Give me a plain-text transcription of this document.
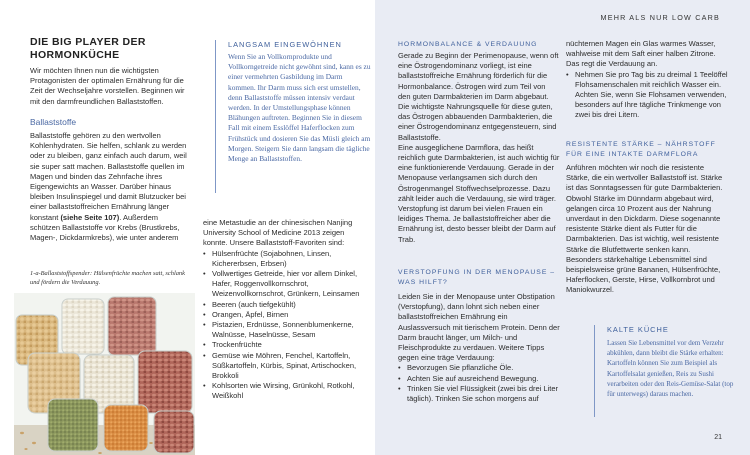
DIE BIG PLAYER DER HORMONKÜCHE

Wir möchten Ihnen nun die wichtigsten Protagonisten der optimalen Ernährung für die Zeit der Wechseljahre vorstellen. Beginnen wir mit den darmfreundlichen Ballaststoffen.

Ballaststoffe

Ballaststoffe gehören zu den wertvollen Kohlenhydraten. Sie helfen, schlank zu werden oder zu bleiben, ganz einfach auch darum, weil sie super satt machen. Ballaststoffe quellen im Magen und binden das Zehnfache ihres Eigengewichts an Wasser. Darüber hinaus bleiben Insulinspiegel und damit Blutzucker bei einer ballaststoffreichen Ernährung länger konstant (siehe Seite 107). Außerdem schützen Ballaststoffe vor Krebs (Brustkrebs, Magen-, Dickdarmkrebs), wie unter anderem

1-a-Ballaststoffspender: Hülsenfrüchte machen satt, schlank und fördern die Verdauung.

LANGSAM EINGEWÖHNEN
Wenn Sie an Vollkornprodukte und Vollkorngetreide nicht gewöhnt sind, kann es zu einer vermehrten Gasbildung im Darm kommen. Ihr Darm muss sich erst umstellen, denn Ballaststoffe müssen intensiv verdaut werden. In der Umstellungsphase können Blähungen auftreten. Beginnen Sie in diesem Fall mit einem Esslöffel Haferflocken zum Frühstück und dosieren Sie das Müsli gleich am Morgen. Steigern Sie dann langsam die tägliche Menge an Ballaststoffen.

eine Metastudie an der chinesischen Nanjing University School of Medicine 2013 zeigen konnte. Unsere Ballaststoff-Favoriten sind:

• Hülsenfrüchte (Sojabohnen, Linsen, Kichererbsen, Erbsen)
• Vollwertiges Getreide, hier vor allem Dinkel, Hafer, Roggenvollkornschrot, Weizenvollkornschrot, Grünkern, Leinsamen
• Beeren (auch tiefgekühlt)
• Orangen, Äpfel, Birnen
• Pistazien, Erdnüsse, Sonnenblumenkerne, Walnüsse, Haselnüsse, Sesam
• Trockenfrüchte
• Gemüse wie Möhren, Fenchel, Kartoffeln, Süßkartoffeln, Kürbis, Spinat, Artischocken, Brokkoli
• Kohlsorten wie Wirsing, Grünkohl, Rotkohl, Weißkohl
MEHR ALS NUR LOW CARB
HORMONBALANCE & VERDAUUNG

Gerade zu Beginn der Perimenopause, wenn oft eine Östrogendominanz vorliegt, ist eine ballaststoffreiche Ernährung förderlich für die Hormonbalance. Östrogen wird zum Teil von den guten Darmbakterien im Darm abgebaut. Die wichtigste Nahrungsquelle für diese guten, das Östrogen abbauenden Darmbakterien, die einer Östrogendominanz entgegensteuern, sind Ballaststoffe.

Eine ausgeglichene Darmflora, das heißt reichlich gute Darmbakterien, ist auch wichtig für eine funktionierende Verdauung. Gerade in der Menopause verlangsamen sich durch den Östrogenmangel Stoffwechselprozesse. Dazu zählt leider auch die Verdauung, sie wird träger. Verstopfung ist darum bei vielen Frauen ein leidiges Thema. Je ballaststoffreicher aber die Ernährung ist, desto besser bleibt der Darm auf Trab.

VERSTOPFUNG IN DER MENOPAUSE – WAS HILFT?

Leiden Sie in der Menopause unter Obstipation (Verstopfung), dann lohnt sich neben einer ballaststoffreichen Ernährung ein Auslassversuch mit tierischem Protein. Denn der Darm braucht länger, um Milch- und Fleischprodukte zu verdauen. Weitere Tipps gegen eine träge Verdauung:

• Bevorzugen Sie pflanzliche Öle.
• Achten Sie auf ausreichend Bewegung.
• Trinken Sie viel Flüssigkeit (zwei bis drei Liter täglich). Trinken Sie schon morgens auf

nüchternen Magen ein Glas warmes Wasser, wahlweise mit dem Saft einer halben Zitrone. Das regt die Verdauung an.

• Nehmen Sie pro Tag bis zu dreimal 1 Teelöffel Flohsamenschalen mit reichlich Wasser ein. Achten Sie, wenn Sie Flohsamen verwenden, besonders auf Ihre tägliche Trinkmenge von zwei bis drei Litern.
RESISTENTE STÄRKE – NÄHRSTOFF FÜR EINE INTAKTE DARMFLORA

Anführen möchten wir noch die resistente Stärke, die ein wertvoller Ballaststoff ist. Stärke ist das Sonntagsessen für gute Darmbakterien. Obwohl Stärke im Dünndarm abgebaut wird, gelangen circa 10 Prozent aus der Nahrung unverdaut in den Dickdarm. Diese sogenannte resistente Stärke dient als Futter für die Darmbakterien. Das ist wichtig, weil resistente Stärke die Blutfettwerte senken kann. Besonders stärkehaltige Lebensmittel sind beispielsweise grüne Bananen, Hülsenfrüchte, Haferflocken, Gerste, Hirse, Vollkornbrot und Maniokwurzel.

KALTE KÜCHE
Lassen Sie Lebensmittel vor dem Verzehr abkühlen, dann bleibt die Stärke erhalten: Kartoffeln können Sie zum Beispiel als Kartoffelsalat genießen, Reis zu Sushi verarbeiten oder den Reis-Gemüse-Salat (top für unterwegs) daraus machen.
21
